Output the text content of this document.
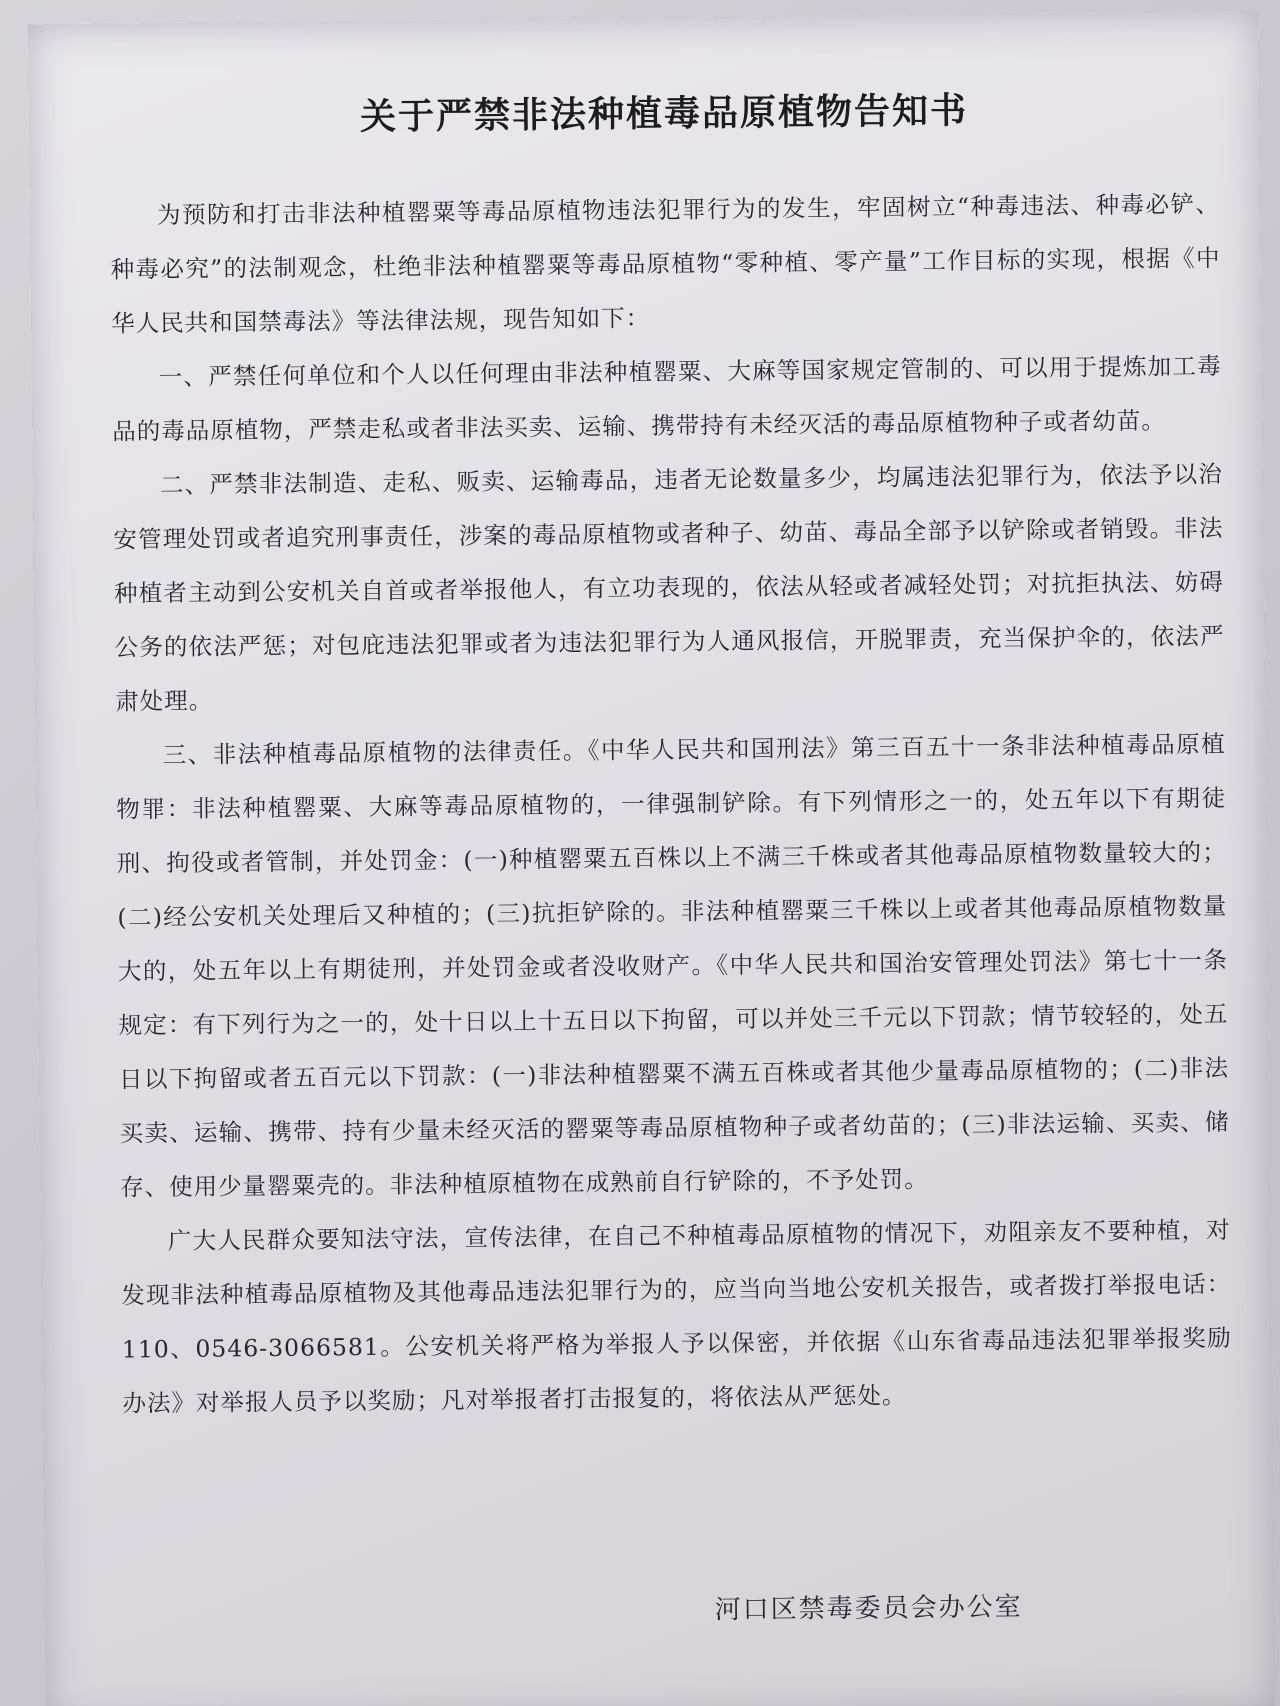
关于严禁非法种植毒品原植物告知书

为预防和打击非法种植罂粟等毒品原植物违法犯罪行为的发生，牢固树立“种毒违法、种毒必铲、种毒必究”的法制观念，杜绝非法种植罂粟等毒品原植物“零种植、零产量”工作目标的实现，根据《中华人民共和国禁毒法》等法律法规，现告知如下：

一、严禁任何单位和个人以任何理由非法种植罂粟、大麻等国家规定管制的、可以用于提炼加工毒品的毒品原植物，严禁走私或者非法买卖、运输、携带持有未经灭活的毒品原植物种子或者幼苗。

二、严禁非法制造、走私、贩卖、运输毒品，违者无论数量多少，均属违法犯罪行为，依法予以治安管理处罚或者追究刑事责任，涉案的毒品原植物或者种子、幼苗、毒品全部予以铲除或者销毁。非法种植者主动到公安机关自首或者举报他人，有立功表现的，依法从轻或者减轻处罚；对抗拒执法、妨碍公务的依法严惩；对包庇违法犯罪或者为违法犯罪行为人通风报信，开脱罪责，充当保护伞的，依法严肃处理。

三、非法种植毒品原植物的法律责任。《中华人民共和国刑法》第三百五十一条非法种植毒品原植物罪：非法种植罂粟、大麻等毒品原植物的，一律强制铲除。有下列情形之一的，处五年以下有期徒刑、拘役或者管制，并处罚金：(一)种植罂粟五百株以上不满三千株或者其他毒品原植物数量较大的；(二)经公安机关处理后又种植的；(三)抗拒铲除的。非法种植罂粟三千株以上或者其他毒品原植物数量大的，处五年以上有期徒刑，并处罚金或者没收财产。《中华人民共和国治安管理处罚法》第七十一条规定：有下列行为之一的，处十日以上十五日以下拘留，可以并处三千元以下罚款；情节较轻的，处五日以下拘留或者五百元以下罚款：(一)非法种植罂粟不满五百株或者其他少量毒品原植物的；(二)非法买卖、运输、携带、持有少量未经灭活的罂粟等毒品原植物种子或者幼苗的；(三)非法运输、买卖、储存、使用少量罂粟壳的。非法种植原植物在成熟前自行铲除的，不予处罚。

广大人民群众要知法守法，宣传法律，在自己不种植毒品原植物的情况下，劝阻亲友不要种植，对发现非法种植毒品原植物及其他毒品违法犯罪行为的，应当向当地公安机关报告，或者拨打举报电话：110、0546-3066581。公安机关将严格为举报人予以保密，并依据《山东省毒品违法犯罪举报奖励办法》对举报人员予以奖励；凡对举报者打击报复的，将依法从严惩处。

河口区禁毒委员会办公室
